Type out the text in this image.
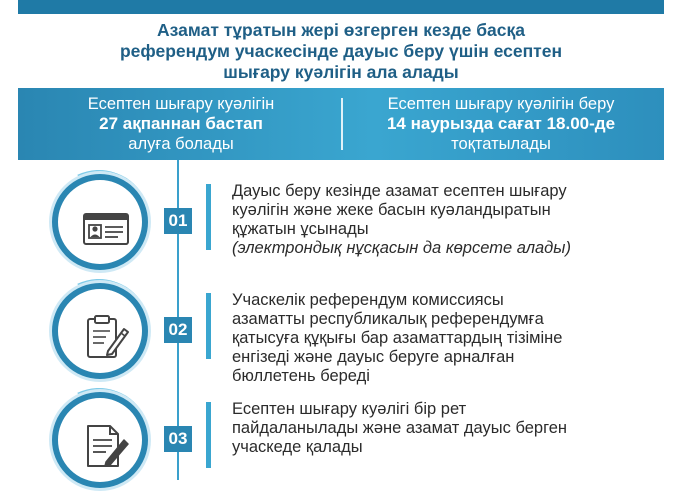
Азамат тұратын жері өзгерген кезде басқа
референдум учаскесінде дауыс беру үшін есептен
шығару куәлігін ала алады
Есептен шығару куәлігін
27 ақпаннан бастап
алуға болады
Есептен шығару куәлігін беру
14 наурызда сағат 18.00-де
тоқтатылады
01
Дауыс беру кезінде азамат есептен шығару
куәлігін және жеке басын куәландыратын
құжатын ұсынады
(электрондық нұсқасын да көрсете алады)
02
Учаскелік референдум комиссиясы
азаматты республикалық референдумға
қатысуға құқығы бар азаматтардың тізіміне
енгізеді және дауыс беруге арналған
бюллетень береді
03
Есептен шығару куәлігі бір рет
пайдаланылады және азамат дауыс берген
учаскеде қалады
